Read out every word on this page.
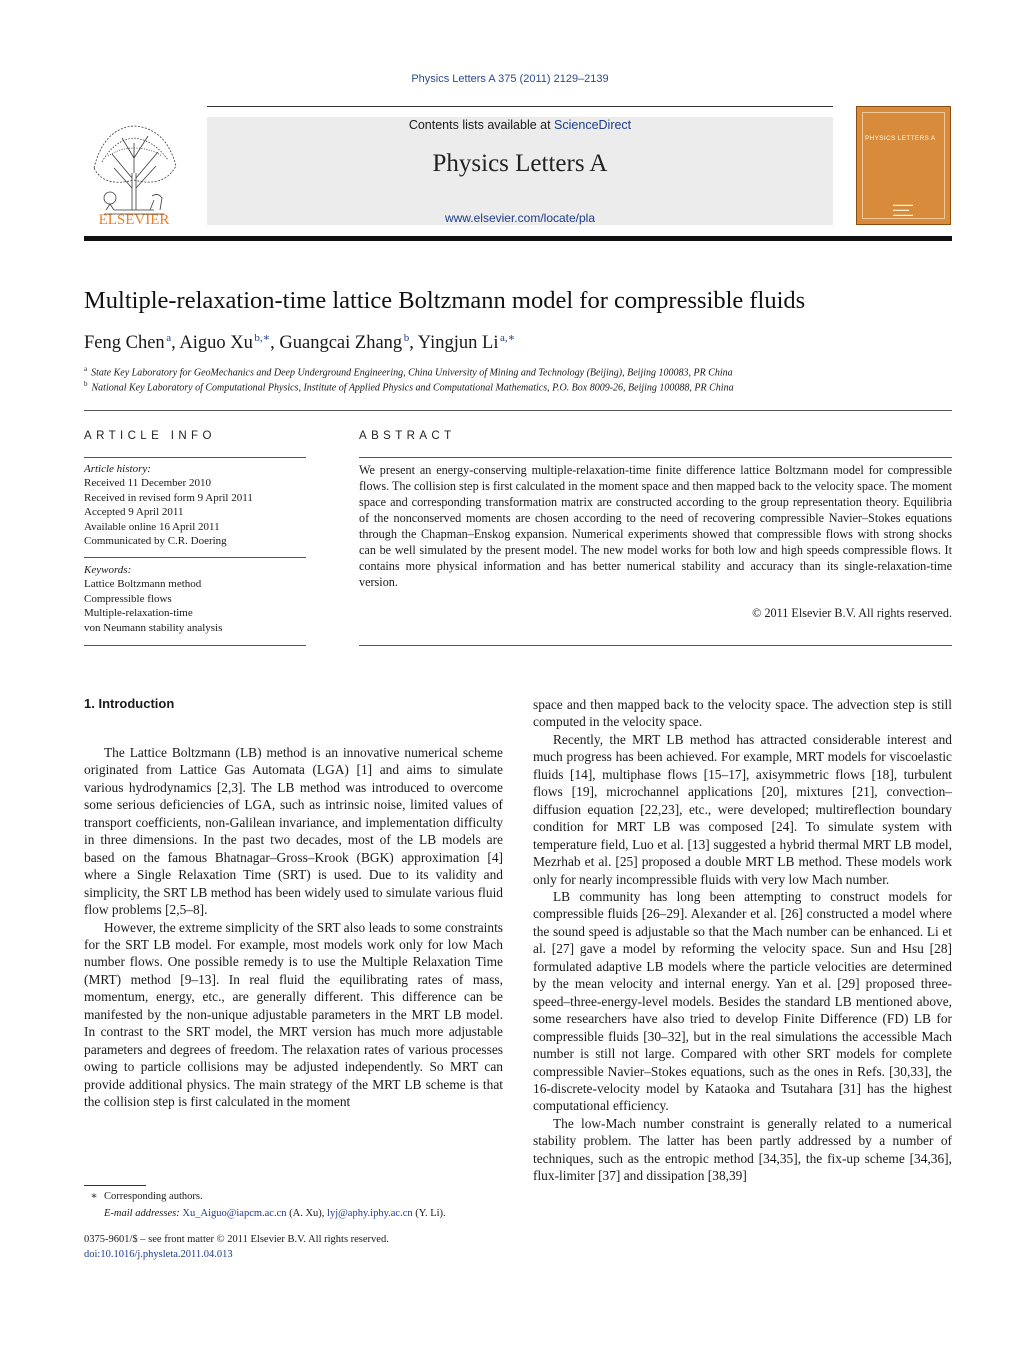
Physics Letters A 375 (2011) 2129–2139
ELSEVIER
Contents lists available at ScienceDirect
Physics Letters A
www.elsevier.com/locate/pla
PHYSICS LETTERS A
▬▬▬▬▬
▬▬▬▬
▬▬▬▬▬
Multiple-relaxation-time lattice Boltzmann model for compressible fluids
Feng Chen  $^a$, Aiguo Xu  $^{b,∗}$, Guangcai Zhang  $^b$, Yingjun Li  $^{a,∗}$
$^a$ State Key Laboratory for GeoMechanics and Deep Underground Engineering, China University of Mining and Technology (Beijing), Beijing 100083, PR China
$^b$ National Key Laboratory of Computational Physics, Institute of Applied Physics and Computational Mathematics, P.O. Box 8009-26, Beijing 100088, PR China
ARTICLE INFO	ABSTRACT
Article history:
Received 11 December 2010
Received in revised form 9 April 2011
Accepted 9 April 2011
Available online 16 April 2011
Communicated by C.R. Doering
Keywords:
Lattice Boltzmann method
Compressible flows
Multiple-relaxation-time
von Neumann stability analysis
We present an energy-conserving multiple-relaxation-time finite difference lattice Boltzmann model for compressible flows. The collision step is first calculated in the moment space and then mapped back to the velocity space. The moment space and corresponding transformation matrix are constructed according to the group representation theory. Equilibria of the nonconserved moments are chosen according to the need of recovering compressible Navier–Stokes equations through the Chapman–Enskog expansion. Numerical experiments showed that compressible flows with strong shocks can be well simulated by the present model. The new model works for both low and high speeds compressible flows. It contains more physical information and has better numerical stability and accuracy than its single-relaxation-time version.
© 2011 Elsevier B.V. All rights reserved.
1. Introduction

The Lattice Boltzmann (LB) method is an innovative numerical scheme originated from Lattice Gas Automata (LGA) [1] and aims to simulate various hydrodynamics [2,3]. The LB method was introduced to overcome some serious deficiencies of LGA, such as intrinsic noise, limited values of transport coefficients, non-Galilean invariance, and implementation difficulty in three dimensions. In the past two decades, most of the LB models are based on the famous Bhatnagar–Gross–Krook (BGK) approximation [4] where a Single Relaxation Time (SRT) is used. Due to its validity and simplicity, the SRT LB method has been widely used to simulate various fluid flow problems [2,5–8].

However, the extreme simplicity of the SRT also leads to some constraints for the SRT LB model. For example, most models work only for low Mach number flows. One possible remedy is to use the Multiple Relaxation Time (MRT) method [9–13]. In real fluid the equilibrating rates of mass, momentum, energy, etc., are generally different. This difference can be manifested by the non-unique adjustable parameters in the MRT LB model. In contrast to the SRT model, the MRT version has much more adjustable parameters and degrees of freedom. The relaxation rates of various processes owing to particle collisions may be adjusted independently. So MRT can provide additional physics. The main strategy of the MRT LB scheme is that the collision step is first calculated in the moment

space and then mapped back to the velocity space. The advection step is still computed in the velocity space.

Recently, the MRT LB method has attracted considerable interest and much progress has been achieved. For example, MRT models for viscoelastic fluids [14], multiphase flows [15–17], axisymmetric flows [18], turbulent flows [19], microchannel applications [20], mixtures [21], convection–diffusion equation [22,23], etc., were developed; multireflection boundary condition for MRT LB was composed [24]. To simulate system with temperature field, Luo et al. [13] suggested a hybrid thermal MRT LB model, Mezrhab et al. [25] proposed a double MRT LB method. These models work only for nearly incompressible fluids with very low Mach number.

LB community has long been attempting to construct models for compressible fluids [26–29]. Alexander et al. [26] constructed a model where the sound speed is adjustable so that the Mach number can be enhanced. Li et al. [27] gave a model by reforming the velocity space. Sun and Hsu [28] formulated adaptive LB models where the particle velocities are determined by the mean velocity and internal energy. Yan et al. [29] proposed three-speed–three-energy-level models. Besides the standard LB mentioned above, some researchers have also tried to develop Finite Difference (FD) LB for compressible fluids [30–32], but in the real simulations the accessible Mach number is still not large. Compared with other SRT models for complete compressible Navier–Stokes equations, such as the ones in Refs. [30,33], the 16-discrete-velocity model by Kataoka and Tsutahara [31] has the highest computational efficiency.

The low-Mach number constraint is generally related to a numerical stability problem. The latter has been partly addressed by a number of techniques, such as the entropic method [34,35], the fix-up scheme [34,36], flux-limiter [37] and dissipation [38,39]

∗ Corresponding authors.
E-mail addresses: Xu_Aiguo@iapcm.ac.cn (A. Xu), lyj@aphy.iphy.ac.cn (Y. Li).
0375-9601/$ – see front matter © 2011 Elsevier B.V. All rights reserved.
doi:10.1016/j.physleta.2011.04.013
